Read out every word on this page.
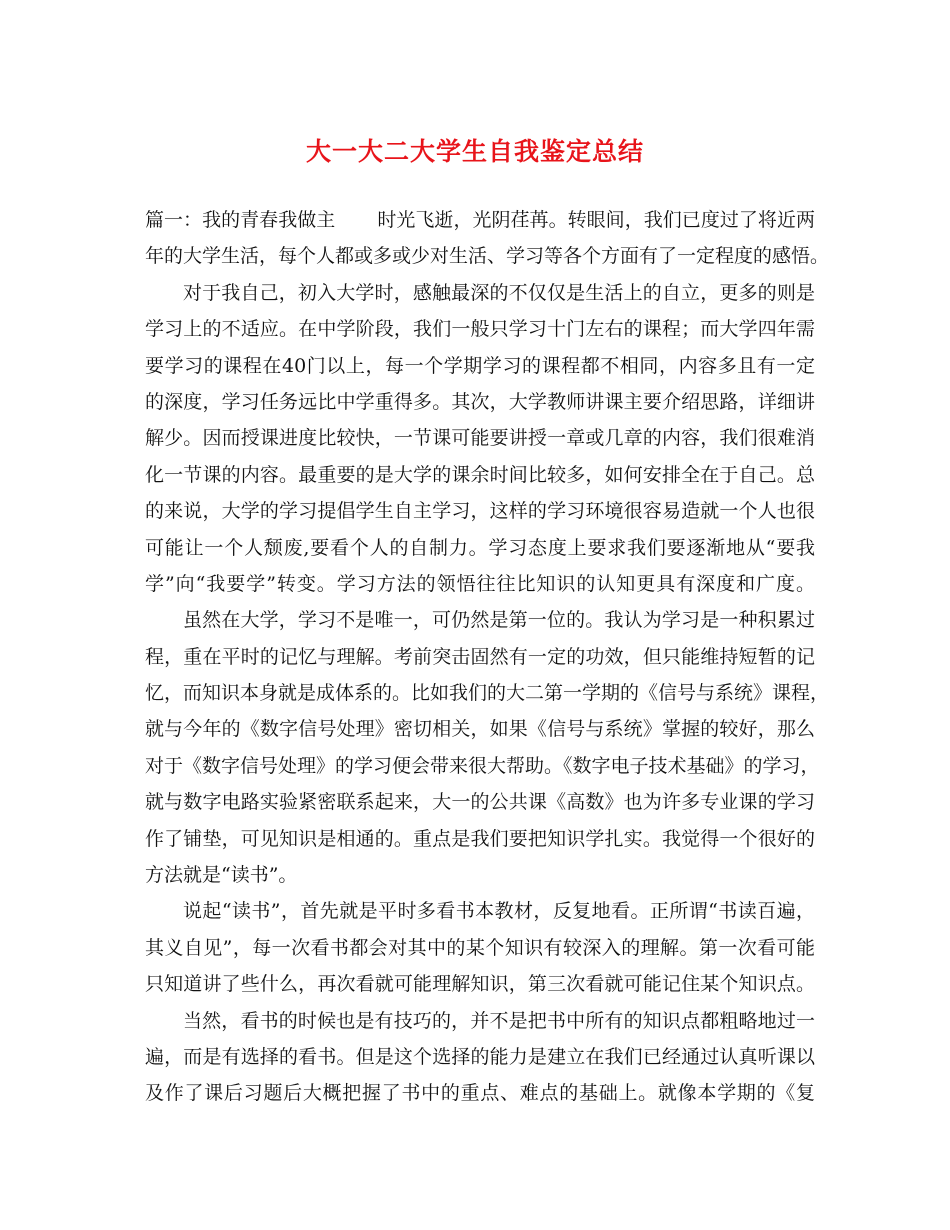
大一大二大学生自我鉴定总结
篇一：我的青春我做主 时光飞逝，光阴荏苒。转眼间，我们已度过了将近两
年的大学生活，每个人都或多或少对生活、学习等各个方面有了一定程度的感悟。
对于我自己，初入大学时，感触最深的不仅仅是生活上的自立，更多的则是
学习上的不适应。在中学阶段，我们一般只学习十门左右的课程；而大学四年需
要学习的课程在40门以上，每一个学期学习的课程都不相同，内容多且有一定
的深度，学习任务远比中学重得多。其次，大学教师讲课主要介绍思路，详细讲
解少。因而授课进度比较快，一节课可能要讲授一章或几章的内容，我们很难消
化一节课的内容。最重要的是大学的课余时间比较多，如何安排全在于自己。总
的来说，大学的学习提倡学生自主学习，这样的学习环境很容易造就一个人也很
可能让一个人颓废,要看个人的自制力。学习态度上要求我们要逐渐地从“要我
学”向“我要学”转变。学习方法的领悟往往比知识的认知更具有深度和广度。
虽然在大学，学习不是唯一，可仍然是第一位的。我认为学习是一种积累过
程，重在平时的记忆与理解。考前突击固然有一定的功效，但只能维持短暂的记
忆，而知识本身就是成体系的。比如我们的大二第一学期的《信号与系统》课程，
就与今年的《数字信号处理》密切相关，如果《信号与系统》掌握的较好，那么
对于《数字信号处理》的学习便会带来很大帮助。《数字电子技术基础》的学习，
就与数字电路实验紧密联系起来，大一的公共课《高数》也为许多专业课的学习
作了铺垫，可见知识是相通的。重点是我们要把知识学扎实。我觉得一个很好的
方法就是“读书”。
说起“读书”，首先就是平时多看书本教材，反复地看。正所谓“书读百遍，
其义自见”，每一次看书都会对其中的某个知识有较深入的理解。第一次看可能
只知道讲了些什么，再次看就可能理解知识，第三次看就可能记住某个知识点。
当然，看书的时候也是有技巧的，并不是把书中所有的知识点都粗略地过一
遍，而是有选择的看书。但是这个选择的能力是建立在我们已经通过认真听课以
及作了课后习题后大概把握了书中的重点、难点的基础上。就像本学期的《复
